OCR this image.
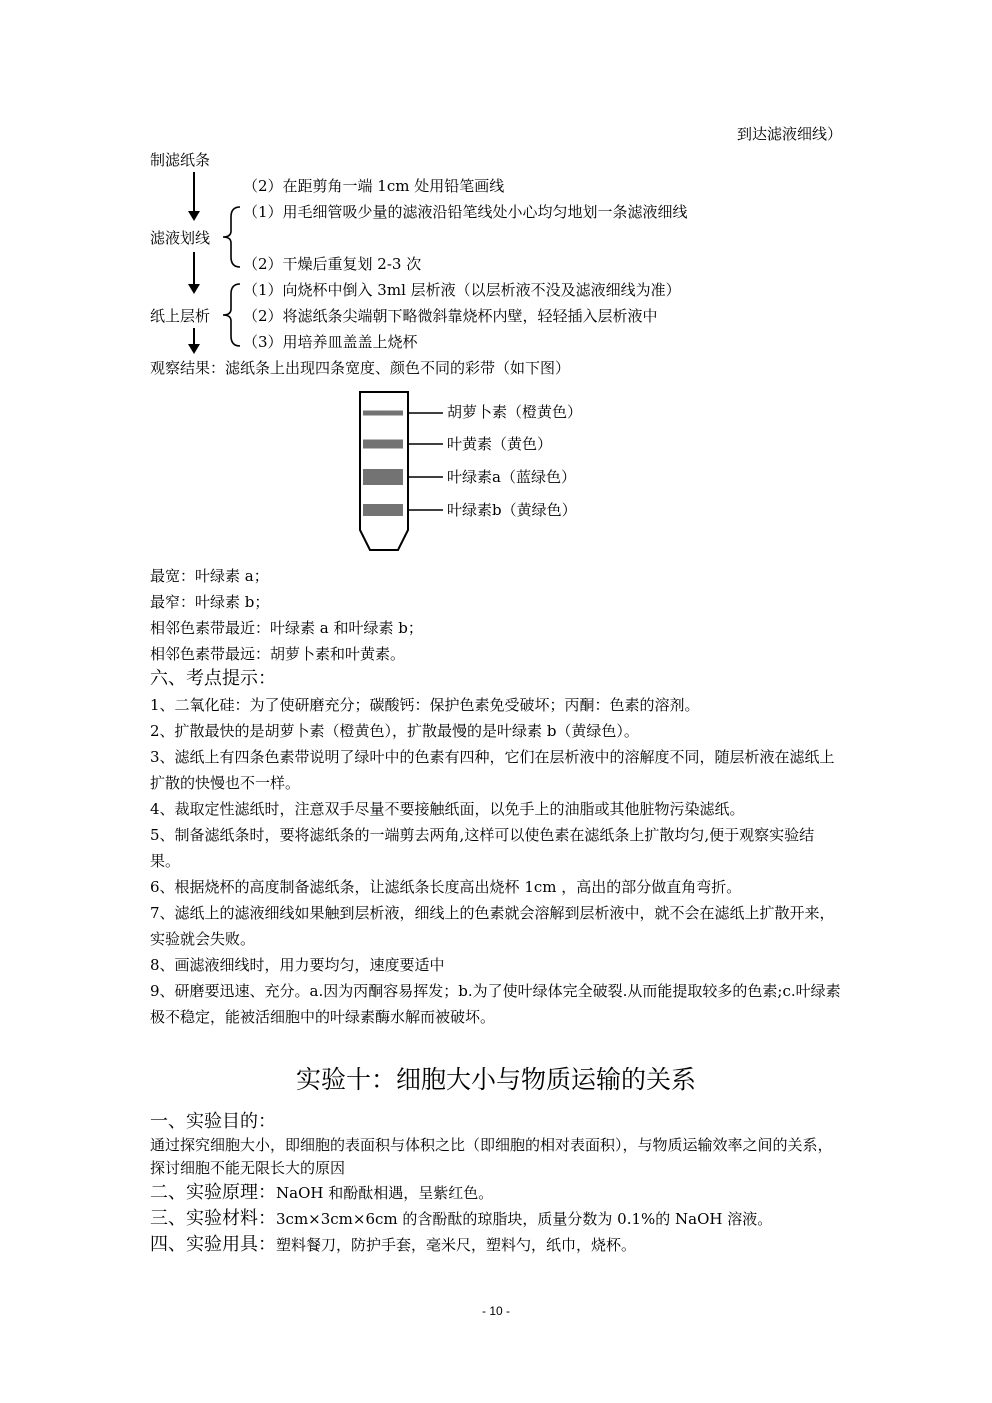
到达滤液细线）
制滤纸条
（2）在距剪角一端 1cm 处用铅笔画线
滤液划线
（1）用毛细管吸少量的滤液沿铅笔线处小心均匀地划一条滤液细线
（2）干燥后重复划 2-3 次
纸上层析
（1）向烧杯中倒入 3ml 层析液（以层析液不没及滤液细线为准）
（2）将滤纸条尖端朝下略微斜靠烧杯内壁，轻轻插入层析液中
（3）用培养皿盖盖上烧杯
观察结果：滤纸条上出现四条宽度、颜色不同的彩带（如下图）
胡萝卜素（橙黄色）
叶黄素（黄色）
叶绿素a（蓝绿色）
叶绿素b（黄绿色）
最宽：叶绿素 a；
最窄：叶绿素 b；
相邻色素带最近：叶绿素 a 和叶绿素 b；
相邻色素带最远：胡萝卜素和叶黄素。
六、考点提示：
1、二氧化硅：为了使研磨充分；碳酸钙：保护色素免受破坏；丙酮：色素的溶剂。
2、扩散最快的是胡萝卜素（橙黄色），扩散最慢的是叶绿素 b（黄绿色）。
3、滤纸上有四条色素带说明了绿叶中的色素有四种，它们在层析液中的溶解度不同，随层析液在滤纸上扩散的快慢也不一样。
4、裁取定性滤纸时，注意双手尽量不要接触纸面，以免手上的油脂或其他脏物污染滤纸。
5、制备滤纸条时，要将滤纸条的一端剪去两角,这样可以使色素在滤纸条上扩散均匀,便于观察实验结果。
6、根据烧杯的高度制备滤纸条，让滤纸条长度高出烧杯 1cm ，高出的部分做直角弯折。
7、滤纸上的滤液细线如果触到层析液，细线上的色素就会溶解到层析液中，就不会在滤纸上扩散开来，实验就会失败。
8、画滤液细线时，用力要均匀，速度要适中
9、研磨要迅速、充分。a.因为丙酮容易挥发；b.为了使叶绿体完全破裂.从而能提取较多的色素;c.叶绿素极不稳定，能被活细胞中的叶绿素酶水解而被破坏。
实验十：细胞大小与物质运输的关系
一、实验目的：
通过探究细胞大小，即细胞的表面积与体积之比（即细胞的相对表面积），与物质运输效率之间的关系，探讨细胞不能无限长大的原因
二、实验原理：NaOH 和酚酞相遇，呈紫红色。
三、实验材料：3cm×3cm×6cm 的含酚酞的琼脂块，质量分数为 0.1%的 NaOH 溶液。
四、实验用具：塑料餐刀，防护手套，毫米尺，塑料勺，纸巾，烧杯。
- 10 -
